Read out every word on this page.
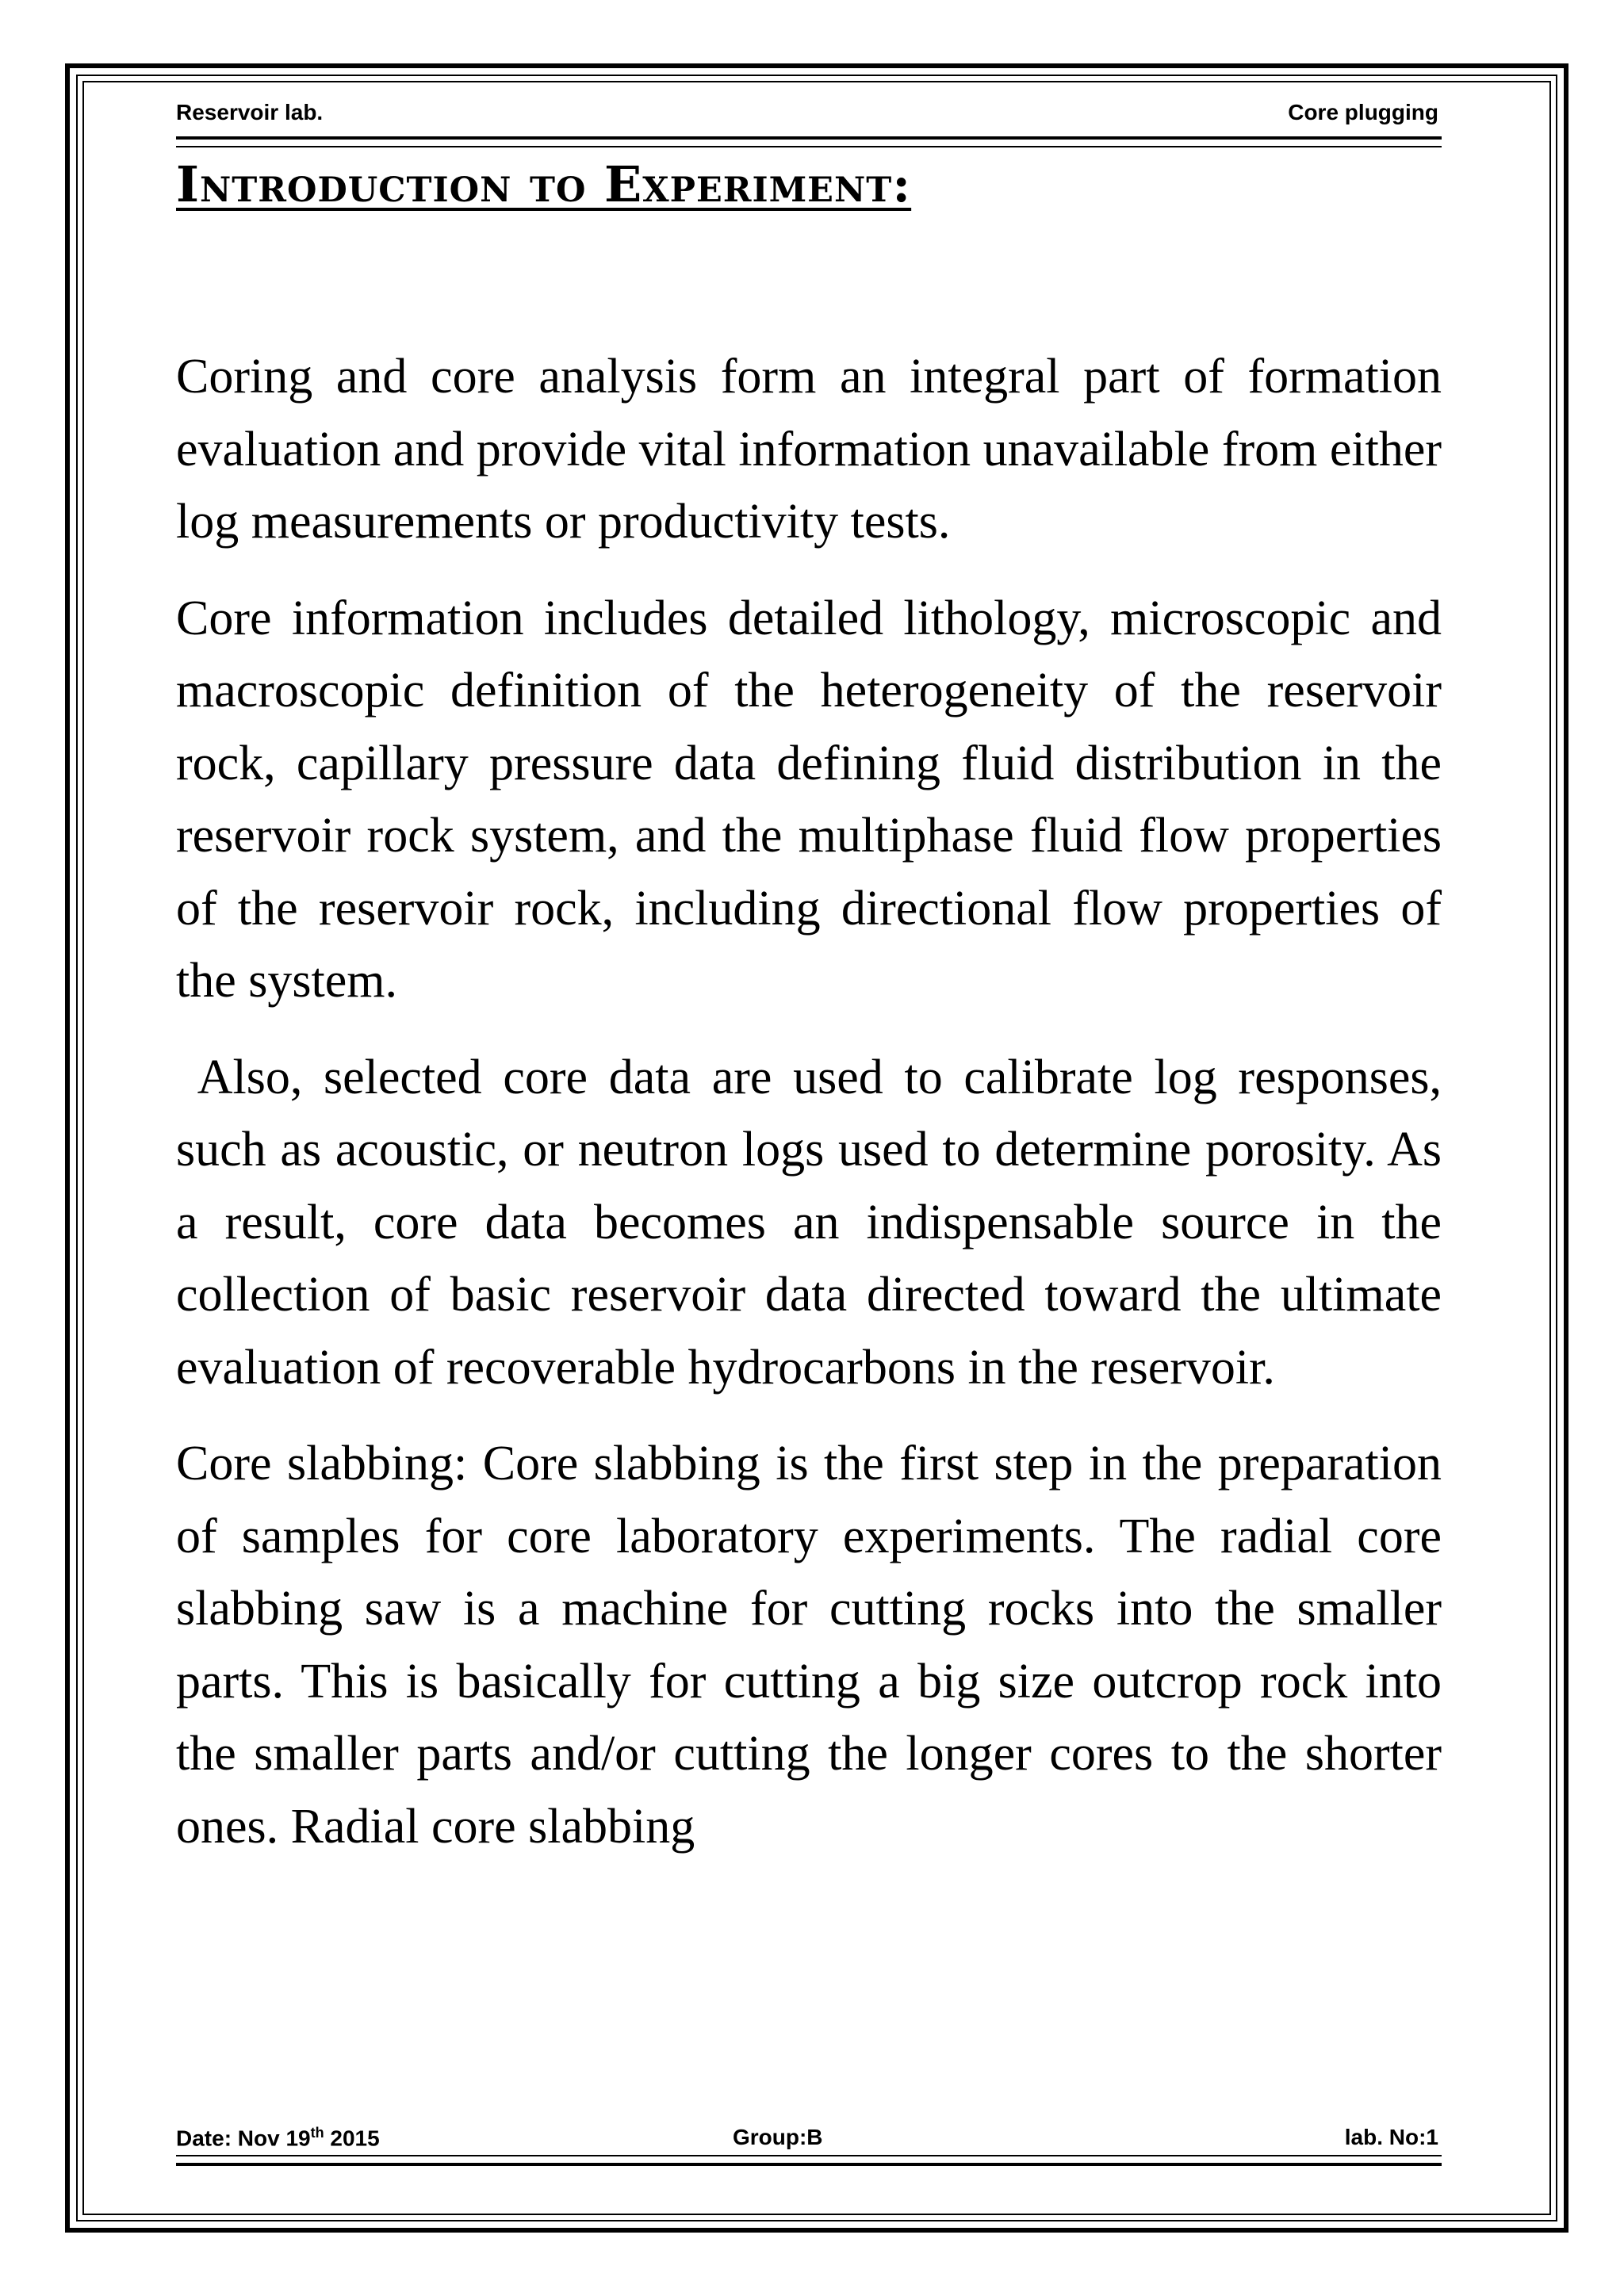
Reservoir lab.	Core plugging
Introduction to Experiment:

Coring and core analysis form an integral part of formation evaluation and provide vital information unavailable from either log measurements or productivity tests.

Core information includes detailed lithology, microscopic and macroscopic definition of the heterogeneity of the reservoir rock, capillary pressure data defining fluid distribution in the reservoir rock system, and the multiphase fluid flow properties of the reservoir rock, including directional flow properties of the system.

Also, selected core data are used to calibrate log responses, such as acoustic, or neutron logs used to determine porosity. As a result, core data becomes an indispensable source in the collection of basic reservoir data directed toward the ultimate evaluation of recoverable hydrocarbons in the reservoir.

Core slabbing: Core slabbing is the first step in the preparation of samples for core laboratory experiments. The radial core slabbing saw is a machine for cutting rocks into the smaller parts. This is basically for cutting a big size outcrop rock into the smaller parts and/or cutting the longer cores to the shorter ones. Radial core slabbing

Date: Nov 19th 2015	Group:B	lab. No:1
